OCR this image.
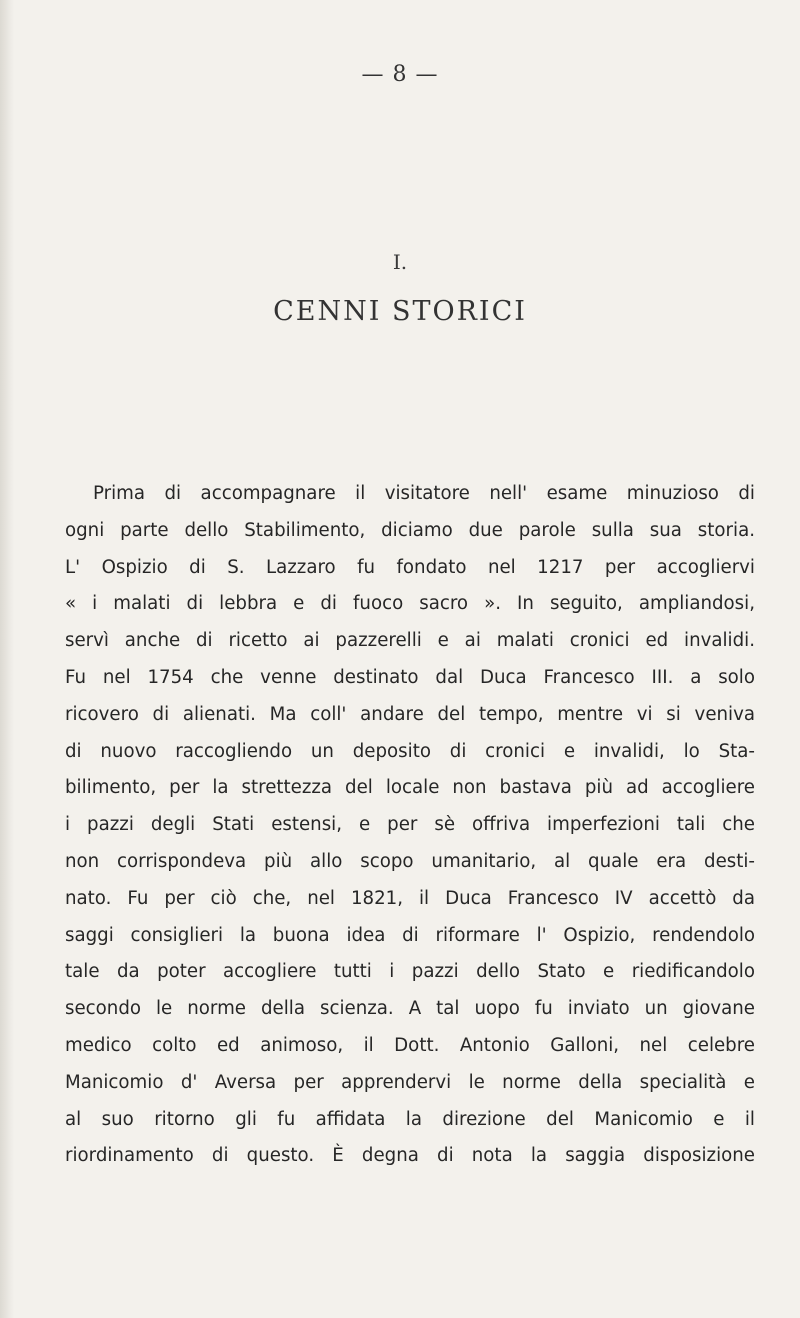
— 8 —
I.
CENNI STORICI
Prima di accompagnare il visitatore nell' esame minuzioso di
ogni parte dello Stabilimento, diciamo due parole sulla sua storia.
L' Ospizio di S. Lazzaro fu fondato nel 1217 per accogliervi
« i malati di lebbra e di fuoco sacro ». In seguito, ampliandosi,
servì anche di ricetto ai pazzerelli e ai malati cronici ed invalidi.
Fu nel 1754 che venne destinato dal Duca Francesco III. a solo
ricovero di alienati. Ma coll' andare del tempo, mentre vi si veniva
di nuovo raccogliendo un deposito di cronici e invalidi, lo Sta-
bilimento, per la strettezza del locale non bastava più ad accogliere
i pazzi degli Stati estensi, e per sè offriva imperfezioni tali che
non corrispondeva più allo scopo umanitario, al quale era desti-
nato. Fu per ciò che, nel 1821, il Duca Francesco IV accettò da
saggi consiglieri la buona idea di riformare l' Ospizio, rendendolo
tale da poter accogliere tutti i pazzi dello Stato e riedificandolo
secondo le norme della scienza. A tal uopo fu inviato un giovane
medico colto ed animoso, il Dott. Antonio Galloni, nel celebre
Manicomio d' Aversa per apprendervi le norme della specialità e
al suo ritorno gli fu affidata la direzione del Manicomio e il
riordinamento di questo. È degna di nota la saggia disposizione
